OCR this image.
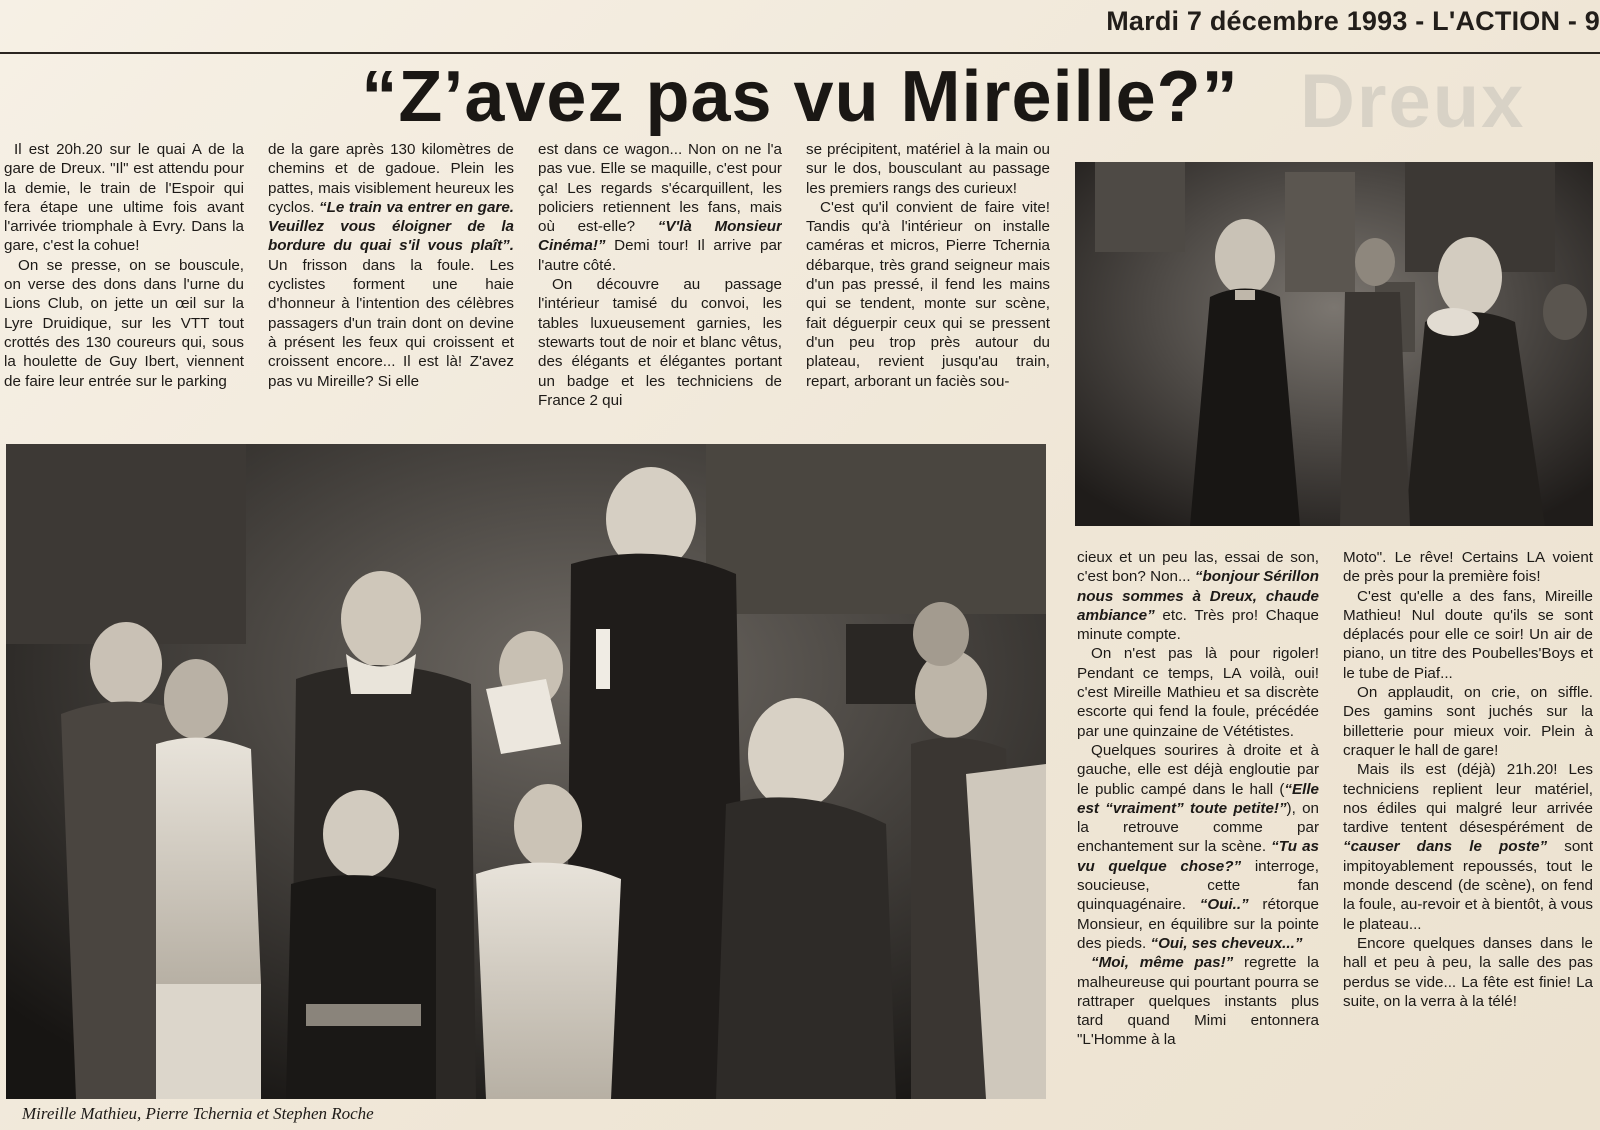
Dreux
Mardi 7 décembre 1993 - L'ACTION - 9
“Z’avez pas vu Mireille?”

Il est 20h.20 sur le quai A de la gare de Dreux. "Il" est attendu pour la demie, le train de l'Espoir qui fera étape une ultime fois avant l'arrivée triomphale à Evry. Dans la gare, c'est la cohue!

On se presse, on se bouscule, on verse des dons dans l'urne du Lions Club, on jette un œil sur la Lyre Druidique, sur les VTT tout crottés des 130 coureurs qui, sous la houlette de Guy Ibert, viennent de faire leur entrée sur le parking

de la gare après 130 kilomètres de chemins et de gadoue. Plein les pattes, mais visiblement heureux les cyclos. “Le train va entrer en gare. Veuillez vous éloigner de la bordure du quai s'il vous plaît”. Un frisson dans la foule. Les cyclistes forment une haie d'honneur à l'intention des célèbres passagers d'un train dont on devine à présent les feux qui croissent et croissent encore... Il est là! Z'avez pas vu Mireille? Si elle

est dans ce wagon... Non on ne l'a pas vue. Elle se maquille, c'est pour ça! Les regards s'écarquillent, les policiers retiennent les fans, mais où est-elle? “V'là Monsieur Cinéma!” Demi tour! Il arrive par l'autre côté.

On découvre au passage l'intérieur tamisé du convoi, les tables luxueusement garnies, les stewarts tout de noir et blanc vêtus, des élégants et élégantes portant un badge et les techniciens de France 2 qui

se précipitent, matériel à la main ou sur le dos, bousculant au passage les premiers rangs des curieux!

C'est qu'il convient de faire vite! Tandis qu'à l'intérieur on installe caméras et micros, Pierre Tchernia débarque, très grand seigneur mais d'un pas pressé, il fend les mains qui se tendent, monte sur scène, fait déguerpir ceux qui se pressent d'un peu trop près autour du plateau, revient jusqu'au train, repart, arborant un faciès sou-

Mireille Mathieu, Pierre Tchernia et Stephen Roche

cieux et un peu las, essai de son, c'est bon? Non... “bonjour Sérillon nous sommes à Dreux, chaude ambiance” etc. Très pro! Chaque minute compte.

On n'est pas là pour rigoler! Pendant ce temps, LA voilà, oui! c'est Mireille Mathieu et sa discrète escorte qui fend la foule, précédée par une quinzaine de Vététistes.

Quelques sourires à droite et à gauche, elle est déjà engloutie par le public campé dans le hall (“Elle est “vraiment” toute petite!”), on la retrouve comme par enchantement sur la scène. “Tu as vu quelque chose?” interroge, soucieuse, cette fan quinquagénaire. “Oui..” rétorque Monsieur, en équilibre sur la pointe des pieds. “Oui, ses cheveux...”

“Moi, même pas!” regrette la malheureuse qui pourtant pourra se rattraper quelques instants plus tard quand Mimi entonnera "L'Homme à la

Moto". Le rêve! Certains LA voient de près pour la première fois!

C'est qu'elle a des fans, Mireille Mathieu! Nul doute qu'ils se sont déplacés pour elle ce soir! Un air de piano, un titre des Poubelles'Boys et le tube de Piaf...

On applaudit, on crie, on siffle. Des gamins sont juchés sur la billetterie pour mieux voir. Plein à craquer le hall de gare!

Mais ils est (déjà) 21h.20! Les techniciens replient leur matériel, nos édiles qui malgré leur arrivée tardive tentent désespérément de “causer dans le poste” sont impitoyablement repoussés, tout le monde descend (de scène), on fend la foule, au-revoir et à bientôt, à vous le plateau...

Encore quelques danses dans le hall et peu à peu, la salle des pas perdus se vide... La fête est finie! La suite, on la verra à la télé!
